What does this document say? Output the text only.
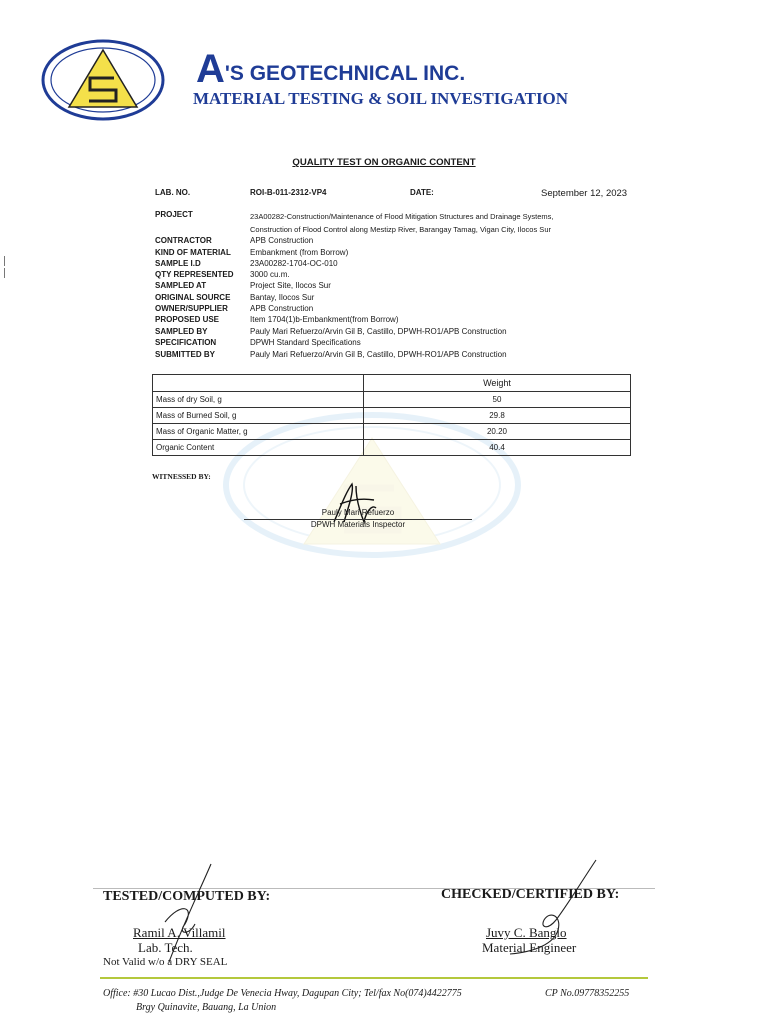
A'S GEOTECHNICAL INC.
MATERIAL TESTING & SOIL INVESTIGATION
QUALITY TEST ON ORGANIC CONTENT
LAB. NO.	ROI-B-011-2312-VP4	DATE:	September 12, 2023
PROJECT	23A00282-Construction/Maintenance of Flood Mitigation Structures and Drainage Systems,
Construction of Flood Control along Mestizp River, Barangay Tamag, Vigan City, Ilocos Sur
CONTRACTOR	APB Construction
KIND OF MATERIAL Embankment (from Borrow)
SAMPLE I.D	23A00282-1704-OC-010
QTY REPRESENTED 3000 cu.m.
SAMPLED AT	Project Site, Ilocos Sur
ORIGINAL SOURCE Bantay, Ilocos Sur
OWNER/SUPPLIER	APB Construction
PROPOSED USE	Item 1704(1)b-Embankment(from Borrow)
SAMPLED BY	Pauly Mari Refuerzo/Arvin Gil B, Castillo, DPWH-RO1/APB Construction
SPECIFICATION	DPWH Standard Specifications
SUBMITTED BY	Pauly Mari Refuerzo/Arvin Gil B, Castillo, DPWH-RO1/APB Construction
	Weight
Mass of dry Soil, g	50
Mass of Burned Soil, g	29.8
Mass of Organic Matter, g	20.20
Organic Content	40.4
WITNESSED BY:
Pauly Mari Refuerzo
DPWH Materials Inspector
TESTED/COMPUTED BY:	CHECKED/CERTIFIED BY:
Ramil A. Villamil
Lab. Tech.
Not Valid w/o a DRY SEAL
Juvy C. Banglo
Material Engineer
Office: #30 Lucao Dist.,Judge De Venecia Hway, Dagupan City; Tel/fax No(074)4422775	CP No.09778352255
Brgy Quinavite, Bauang, La Union
